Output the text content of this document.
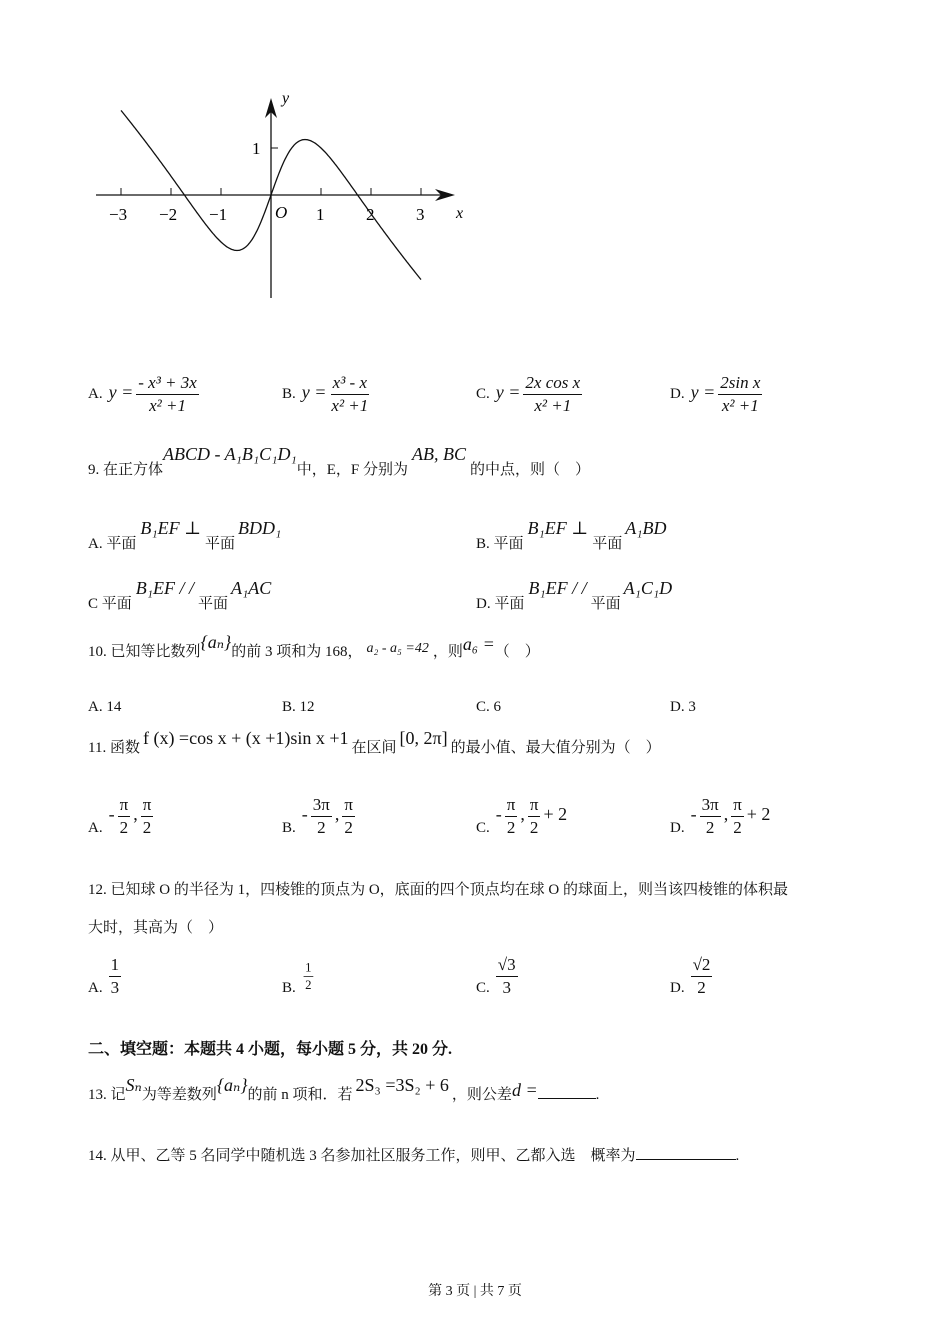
−3 −2 −1	1 2 3
1
y
x
O
A. $y = \frac{\text{- x³ + 3x}}{\text{x² +1}}$	B. $y = \frac{\text{x³ - x}}{\text{x² +1}}$	C. $y = \frac{\text{2x cos x}}{\text{x² +1}}$	D. $y = \frac{\text{2sin x}}{\text{x² +1}}$
9. 在正方体ABCD - A₁B₁C₁D₁中，E，F 分别为AB, BC的中点，则（　）
A. 平面B₁EF ⊥平面BDD₁
B. 平面B₁EF ⊥平面A₁BD
C 平面B₁EF / /平面A₁AC
D. 平面B₁EF / /平面A₁C₁D
10. 已知等比数列{aₙ}的前 3 项和为 168， a₂ - a₅ =42 ，则a₆ =（　）
A. 14	B. 12	C. 6	D. 3
11. 函数 f (x) =cos x + (x +1)sin x +1 在区间 [0, 2π] 的最小值、最大值分别为（　）
$A.- \frac{\pi}{2}$ , $\frac{\pi}{2}$	$B.- \frac{3\pi}{2}$ , $\frac{\pi}{2}$	$C.- \frac{\pi}{2}$ , $\frac{\pi}{2} + 2$
$D.- \frac{3\pi}{2}$ , $\frac{\pi}{2} + 2$
12. 已知球 O 的半径为 1，四棱锥的顶点为 O，底面的四个顶点均在球 O 的球面上，则当该四棱锥的体积最
大时，其高为（　）
A. $\frac{1}{3}$	B. $\frac{1}{2}$	C. $\frac{√3}{3}$	D. $\frac{√2}{2}$
二、填空题：本题共 4 小题，每小题 5 分，共 20 分.
13. 记Sₙ为等差数列{aₙ}的前 n 项和．若 2S₃ =3S₂ + 6 ，则公差d =	.
14. 从甲、乙等 5 名同学中随机选 3 名参加社区服务工作，则甲、乙都入选　概率为	.
第 3 页 | 共 7 页
